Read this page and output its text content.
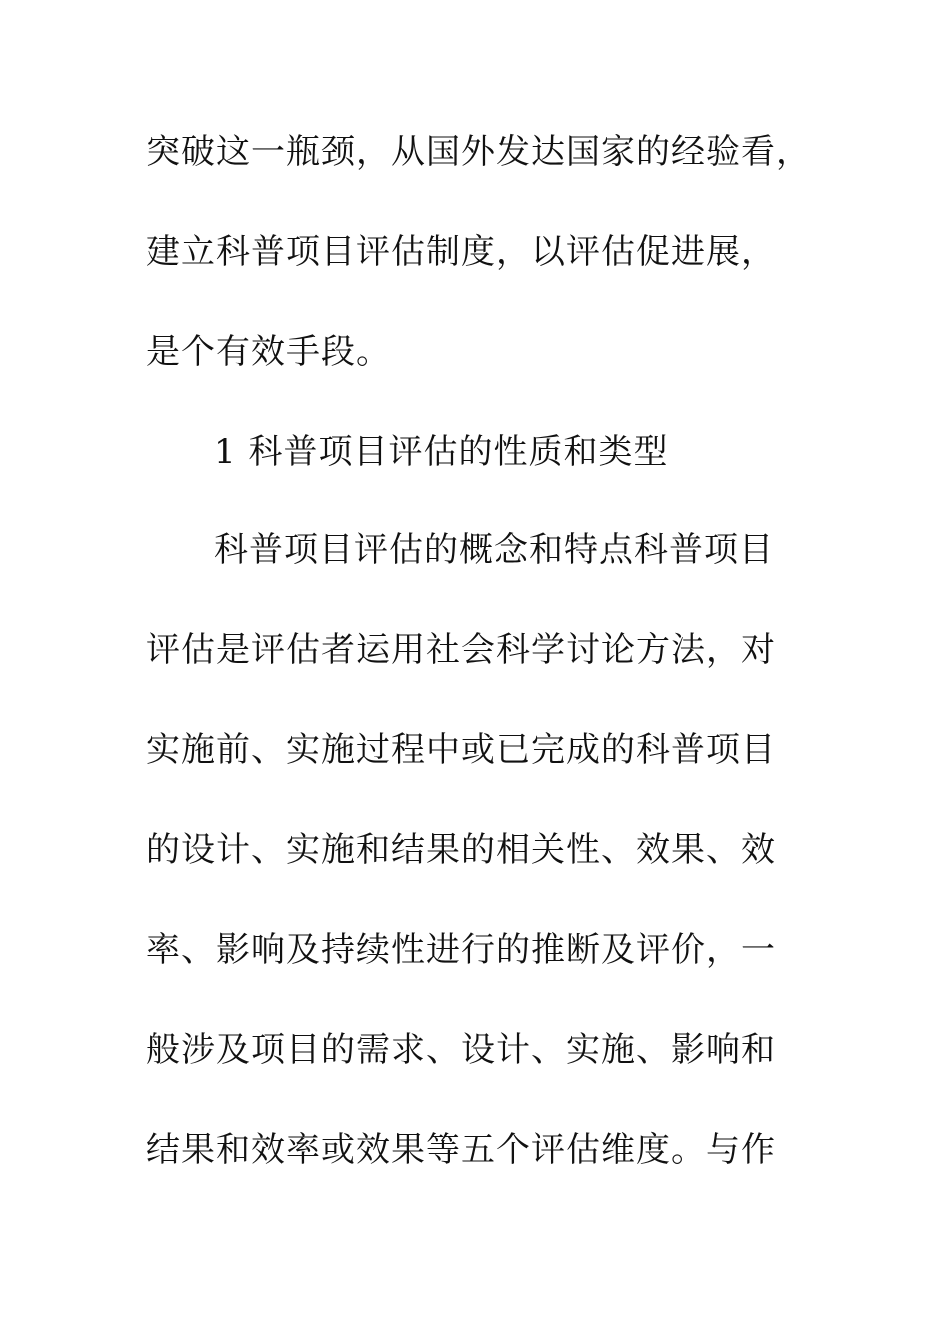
突破这一瓶颈，从国外发达国家的经验看，
建立科普项目评估制度，以评估促进展，
是个有效手段。
1 科普项目评估的性质和类型
科普项目评估的概念和特点科普项目
评估是评估者运用社会科学讨论方法，对
实施前、实施过程中或已完成的科普项目
的设计、实施和结果的相关性、效果、效
率、影响及持续性进行的推断及评价，一
般涉及项目的需求、设计、实施、影响和
结果和效率或效果等五个评估维度。与作
